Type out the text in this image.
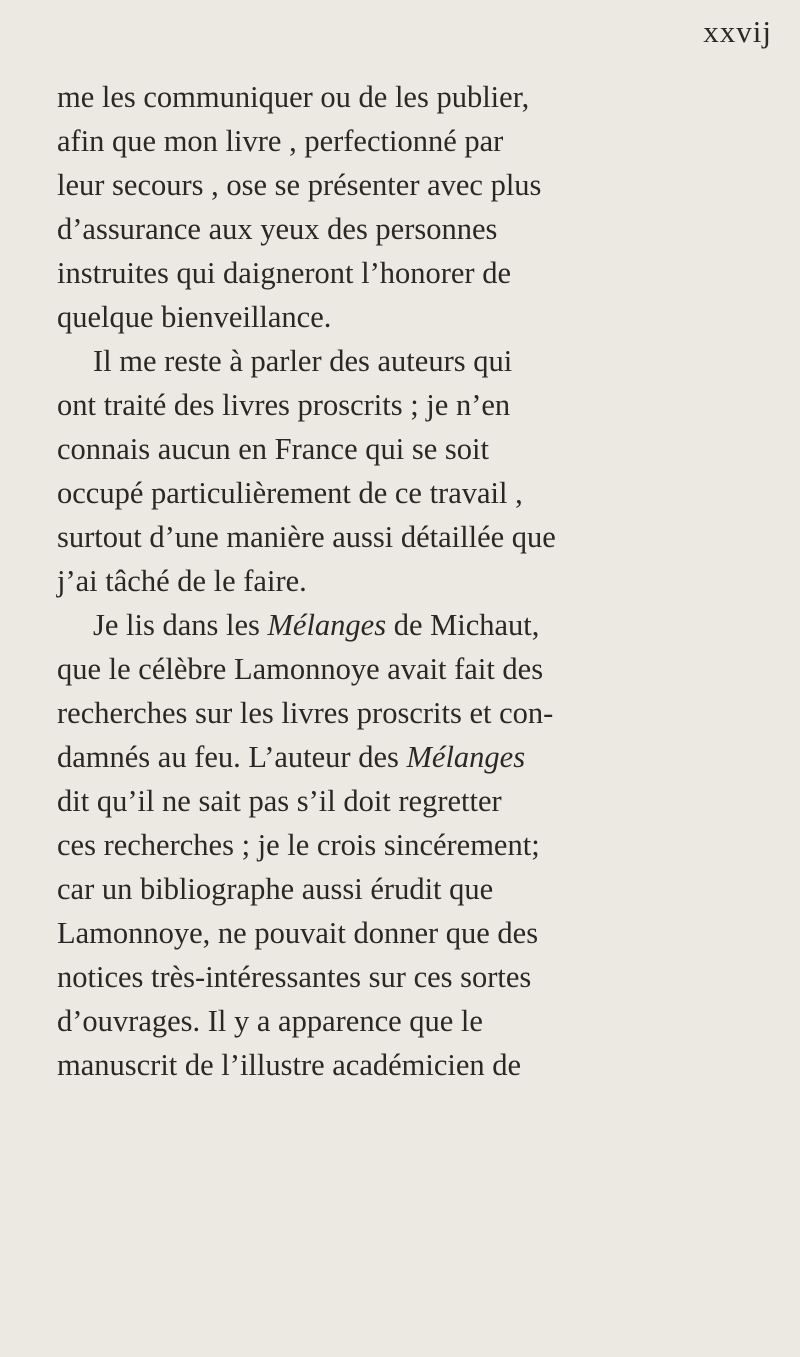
xxvij
me les communiquer ou de les publier,
afin que mon livre , perfectionné par
leur secours , ose se présenter avec plus
d’assurance aux yeux des personnes
instruites qui daigneront l’honorer de
quelque bienveillance.
Il me reste à parler des auteurs qui
ont traité des livres proscrits ; je n’en
connais aucun en France qui se soit
occupé particulièrement de ce travail ,
surtout d’une manière aussi détaillée que
j’ai tâché de le faire.
Je lis dans les Mélanges de Michaut,
que le célèbre Lamonnoye avait fait des
recherches sur les livres proscrits et con-
damnés au feu. L’auteur des Mélanges
dit qu’il ne sait pas s’il doit regretter
ces recherches ; je le crois sincérement;
car un bibliographe aussi érudit que
Lamonnoye, ne pouvait donner que des
notices très-intéressantes sur ces sortes
d’ouvrages. Il y a apparence que le
manuscrit de l’illustre académicien de
